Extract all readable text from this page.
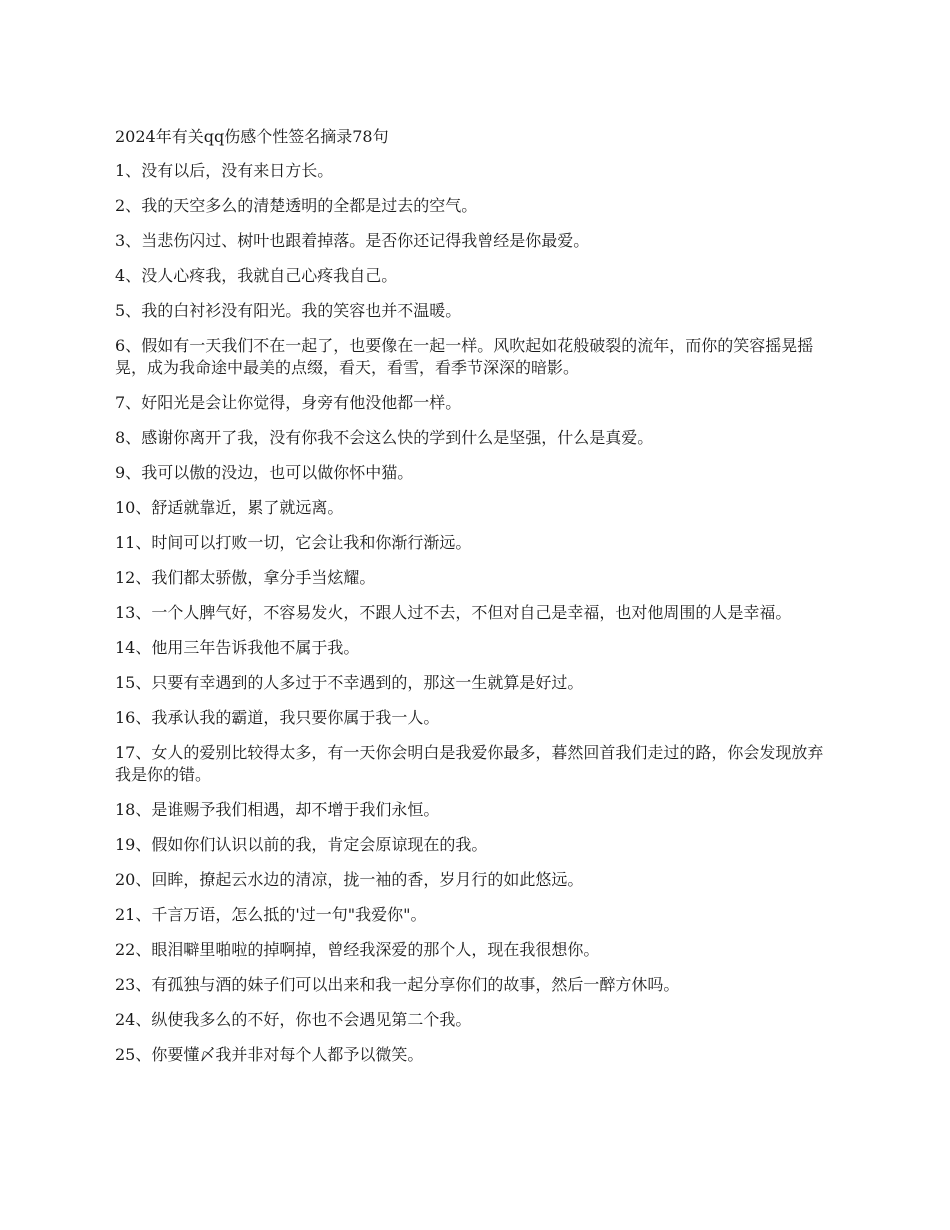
2024年有关qq伤感个性签名摘录78句
1、没有以后，没有来日方长。
2、我的天空多么的清楚透明的全都是过去的空气。
3、当悲伤闪过、树叶也跟着掉落。是否你还记得我曾经是你最爱。
4、没人心疼我，我就自己心疼我自己。
5、我的白衬衫没有阳光。我的笑容也并不温暖。
6、假如有一天我们不在一起了，也要像在一起一样。风吹起如花般破裂的流年，而你的笑容摇晃摇晃，成为我命途中最美的点缀，看天，看雪，看季节深深的暗影。
7、好阳光是会让你觉得，身旁有他没他都一样。
8、感谢你离开了我，没有你我不会这么快的学到什么是坚强，什么是真爱。
9、我可以傲的没边，也可以做你怀中猫。
10、舒适就靠近，累了就远离。
11、时间可以打败一切，它会让我和你渐行渐远。
12、我们都太骄傲，拿分手当炫耀。
13、一个人脾气好，不容易发火，不跟人过不去，不但对自己是幸福，也对他周围的人是幸福。
14、他用三年告诉我他不属于我。
15、只要有幸遇到的人多过于不幸遇到的，那这一生就算是好过。
16、我承认我的霸道，我只要你属于我一人。
17、女人的爱别比较得太多，有一天你会明白是我爱你最多，暮然回首我们走过的路，你会发现放弃我是你的错。
18、是谁赐予我们相遇，却不增于我们永恒。
19、假如你们认识以前的我，肯定会原谅现在的我。
20、回眸，撩起云水边的清凉，拢一袖的香，岁月行的如此悠远。
21、千言万语，怎么抵的'过一句"我爱你"。
22、眼泪噼里啪啦的掉啊掉，曾经我深爱的那个人，现在我很想你。
23、有孤独与酒的妹子们可以出来和我一起分享你们的故事，然后一醉方休吗。
24、纵使我多么的不好，你也不会遇见第二个我。
25、你要懂〆我并非对每个人都予以微笑。
